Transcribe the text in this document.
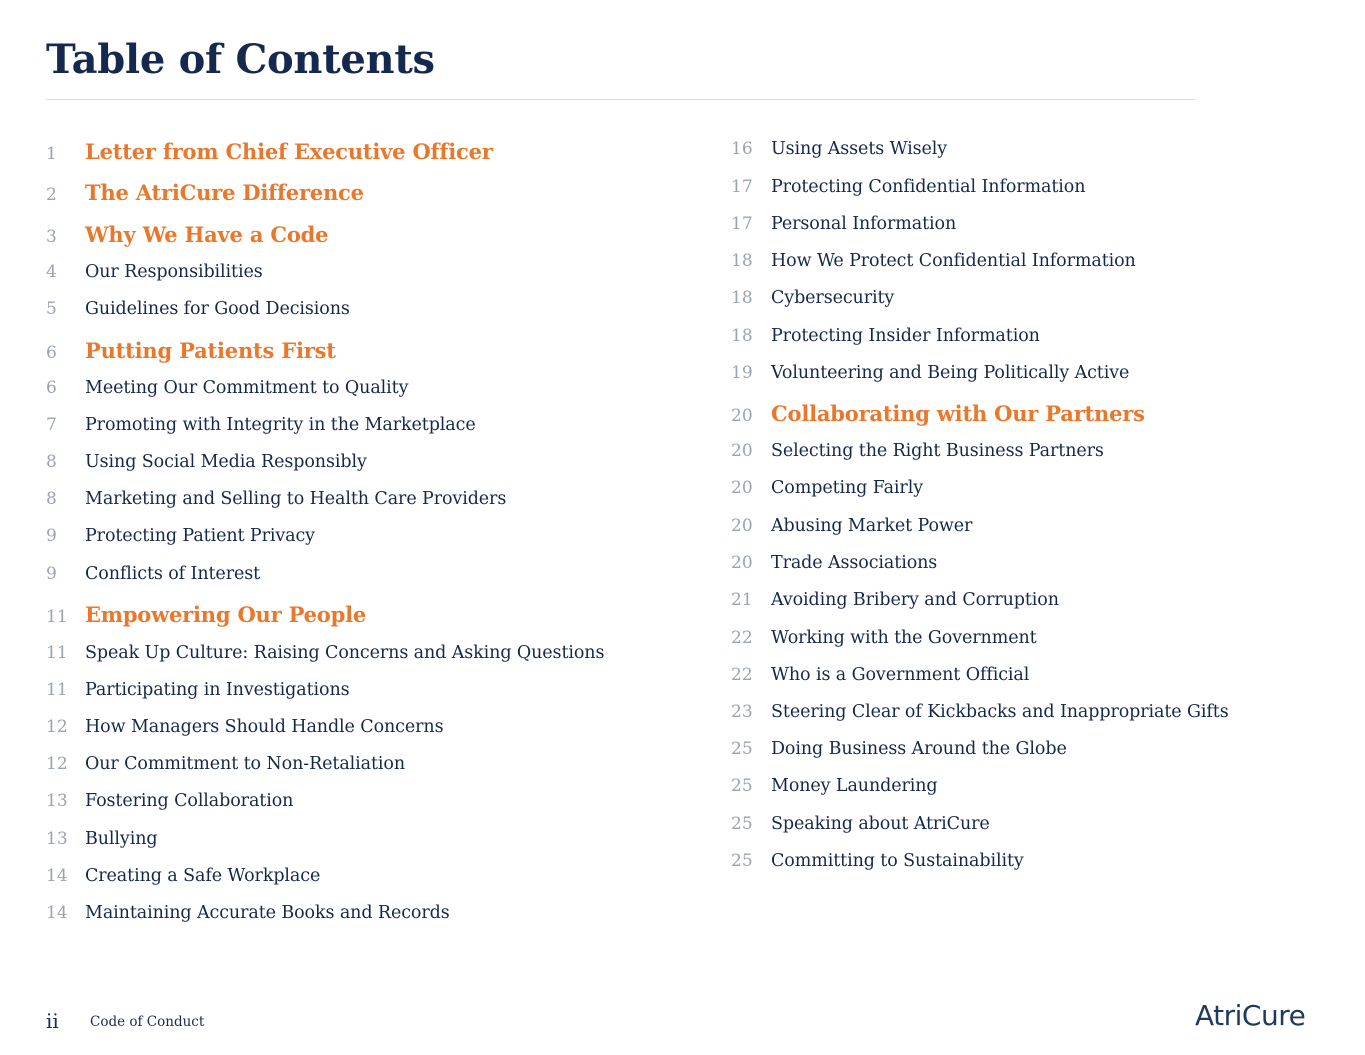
Table of Contents
1	Letter from Chief Executive Officer
2	The AtriCure Difference
3	Why We Have a Code
4	Our Responsibilities
5	Guidelines for Good Decisions
6	Putting Patients First
6	Meeting Our Commitment to Quality
7	Promoting with Integrity in the Marketplace
8	Using Social Media Responsibly
8	Marketing and Selling to Health Care Providers
9	Protecting Patient Privacy
9	Conflicts of Interest
11 Empowering Our People
11 Speak Up Culture: Raising Concerns and Asking Questions
11 Participating in Investigations
12 How Managers Should Handle Concerns
12 Our Commitment to Non-Retaliation
13 Fostering Collaboration
13 Bullying
14 Creating a Safe Workplace
14 Maintaining Accurate Books and Records
16	Using Assets Wisely
17	Protecting Confidential Information
17	Personal Information
18	How We Protect Confidential Information
18	Cybersecurity
18	Protecting Insider Information
19	Volunteering and Being Politically Active
20 Collaborating with Our Partners
20	Selecting the Right Business Partners
20	Competing Fairly
20	Abusing Market Power
20	Trade Associations
21	Avoiding Bribery and Corruption
22	Working with the Government
22	Who is a Government Official
23	Steering Clear of Kickbacks and Inappropriate Gifts
25	Doing Business Around the Globe
25	Money Laundering
25	Speaking about AtriCure
25	Committing to Sustainability
ii Code of Conduct	AtriCure
